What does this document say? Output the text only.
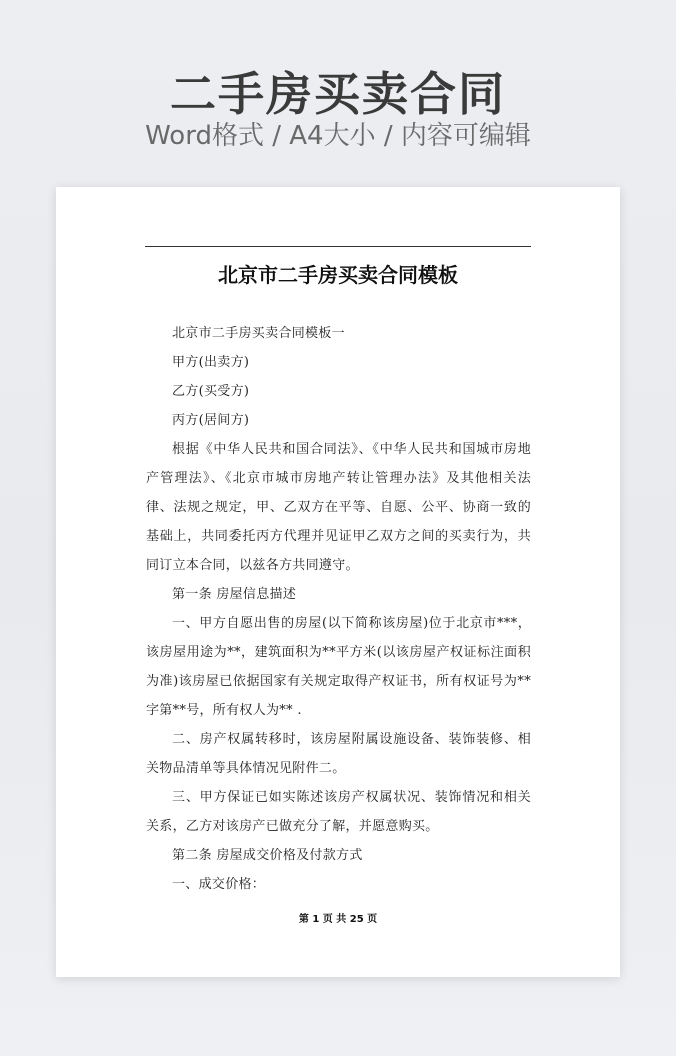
二手房买卖合同
Word格式 / A4大小 / 内容可编辑
北京市二手房买卖合同模板

北京市二手房买卖合同模板一

甲方(出卖方)

乙方(买受方)

丙方(居间方)

根据《中华人民共和国合同法》、《中华人民共和国城市房地产管理法》、《北京市城市房地产转让管理办法》及其他相关法律、法规之规定，甲、乙双方在平等、自愿、公平、协商一致的基础上，共同委托丙方代理并见证甲乙双方之间的买卖行为，共同订立本合同，以兹各方共同遵守。

第一条 房屋信息描述

一、甲方自愿出售的房屋(以下简称该房屋)位于北京市***，该房屋用途为**，建筑面积为**平方米(以该房屋产权证标注面积为准)该房屋已依据国家有关规定取得产权证书，所有权证号为**字第**号，所有权人为** .

二、房产权属转移时，该房屋附属设施设备、装饰装修、相关物品清单等具体情况见附件二。

三、甲方保证已如实陈述该房产权属状况、装饰情况和相关关系，乙方对该房产已做充分了解，并愿意购买。

第二条 房屋成交价格及付款方式

一、成交价格：

第 1 页 共 25 页
